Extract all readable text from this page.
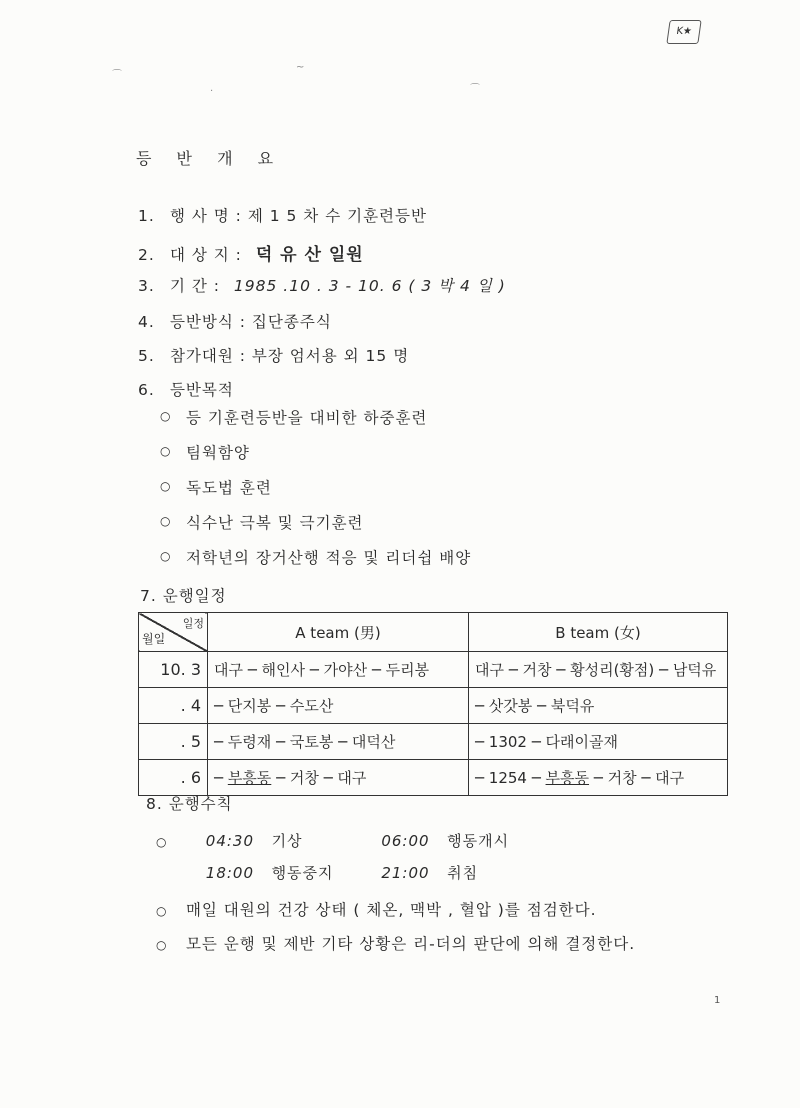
K★
⌒
~
·	⌒
등 반 개 요
1. 행 사 명 : 제 1 5 차 수 기훈련등반
2. 대 상 지 : 덕 유 산 일원
3. 기 간 : 1985 .10 . 3 - 10. 6 ( 3 박 4 일 )
4. 등반방식 : 집단종주식
5. 참가대원 : 부장 엄서용 외 15 명
6. 등반목적
○ 등 기훈련등반을 대비한 하중훈련
○ 팀웍함양
○ 독도법 훈련
○ 식수난 극복 및 극기훈련
○ 저학년의 장거산행 적응 및 리더쉽 배양
7. 운행일정
일정
월일	A team (男)	B team (女)
10. 3	대구 ─ 해인사 ─ 가야산 ─ 두리봉	대구 ─ 거창 ─ 황성리(황점) ─ 남덕유
. 4	─ 단지봉 ─ 수도산	─ 삿갓봉 ─ 북덕유
. 5	─ 두령재 ─ 국토봉 ─ 대덕산	─ 1302 ─ 다래이골재
. 6	─ 부흥동 ─ 거창 ─ 대구	─ 1254 ─ 부흥동 ─ 거창 ─ 대구
8. 운행수칙
○	04:30 기상	06:00 행동개시
18:00 행동중지	21:00 취침
○ 매일 대원의 건강 상태 ( 체온, 맥박 , 혈압 )를 점검한다.
○ 모든 운행 및 제반 기타 상황은 리-더의 판단에 의해 결정한다.
1
